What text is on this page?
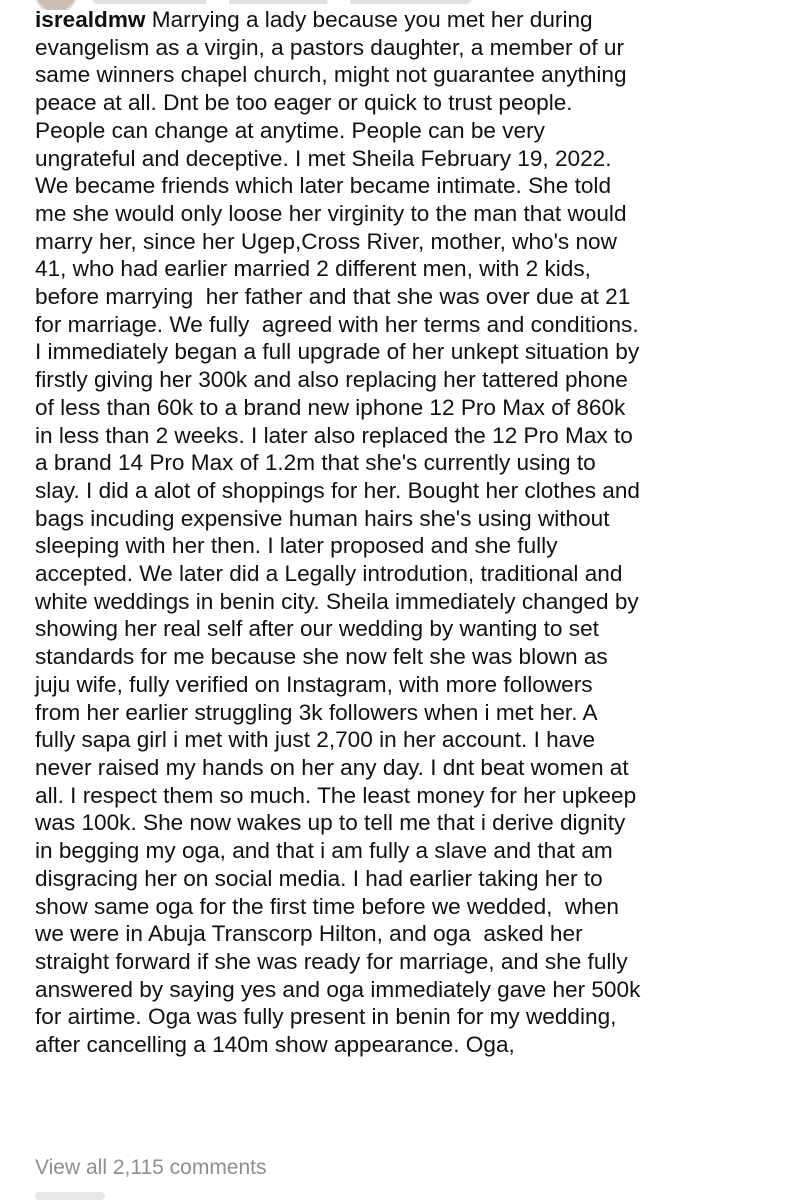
isrealdmw Marrying a lady because you met her during
evangelism as a virgin, a pastors daughter, a member of ur
same winners chapel church, might not guarantee anything
peace at all. Dnt be too eager or quick to trust people.
People can change at anytime. People can be very
ungrateful and deceptive. I met Sheila February 19, 2022.
We became friends which later became intimate. She told
me she would only loose her virginity to the man that would
marry her, since her Ugep,Cross River, mother, who's now
41, who had earlier married 2 different men, with 2 kids,
before marrying  her father and that she was over due at 21
for marriage. We fully  agreed with her terms and conditions.
I immediately began a full upgrade of her unkept situation by
firstly giving her 300k and also replacing her tattered phone
of less than 60k to a brand new iphone 12 Pro Max of 860k
in less than 2 weeks. I later also replaced the 12 Pro Max to
a brand 14 Pro Max of 1.2m that she's currently using to
slay. I did a alot of shoppings for her. Bought her clothes and
bags incuding expensive human hairs she's using without
sleeping with her then. I later proposed and she fully
accepted. We later did a Legally introdution, traditional and
white weddings in benin city. Sheila immediately changed by
showing her real self after our wedding by wanting to set
standards for me because she now felt she was blown as
juju wife, fully verified on Instagram, with more followers
from her earlier struggling 3k followers when i met her. A
fully sapa girl i met with just 2,700 in her account. I have
never raised my hands on her any day. I dnt beat women at
all. I respect them so much. The least money for her upkeep
was 100k. She now wakes up to tell me that i derive dignity
in begging my oga, and that i am fully a slave and that am
disgracing her on social media. I had earlier taking her to
show same oga for the first time before we wedded,  when
we were in Abuja Transcorp Hilton, and oga  asked her
straight forward if she was ready for marriage, and she fully
answered by saying yes and oga immediately gave her 500k
for airtime. Oga was fully present in benin for my wedding,
after cancelling a 140m show appearance. Oga,

View all 2,115 comments
